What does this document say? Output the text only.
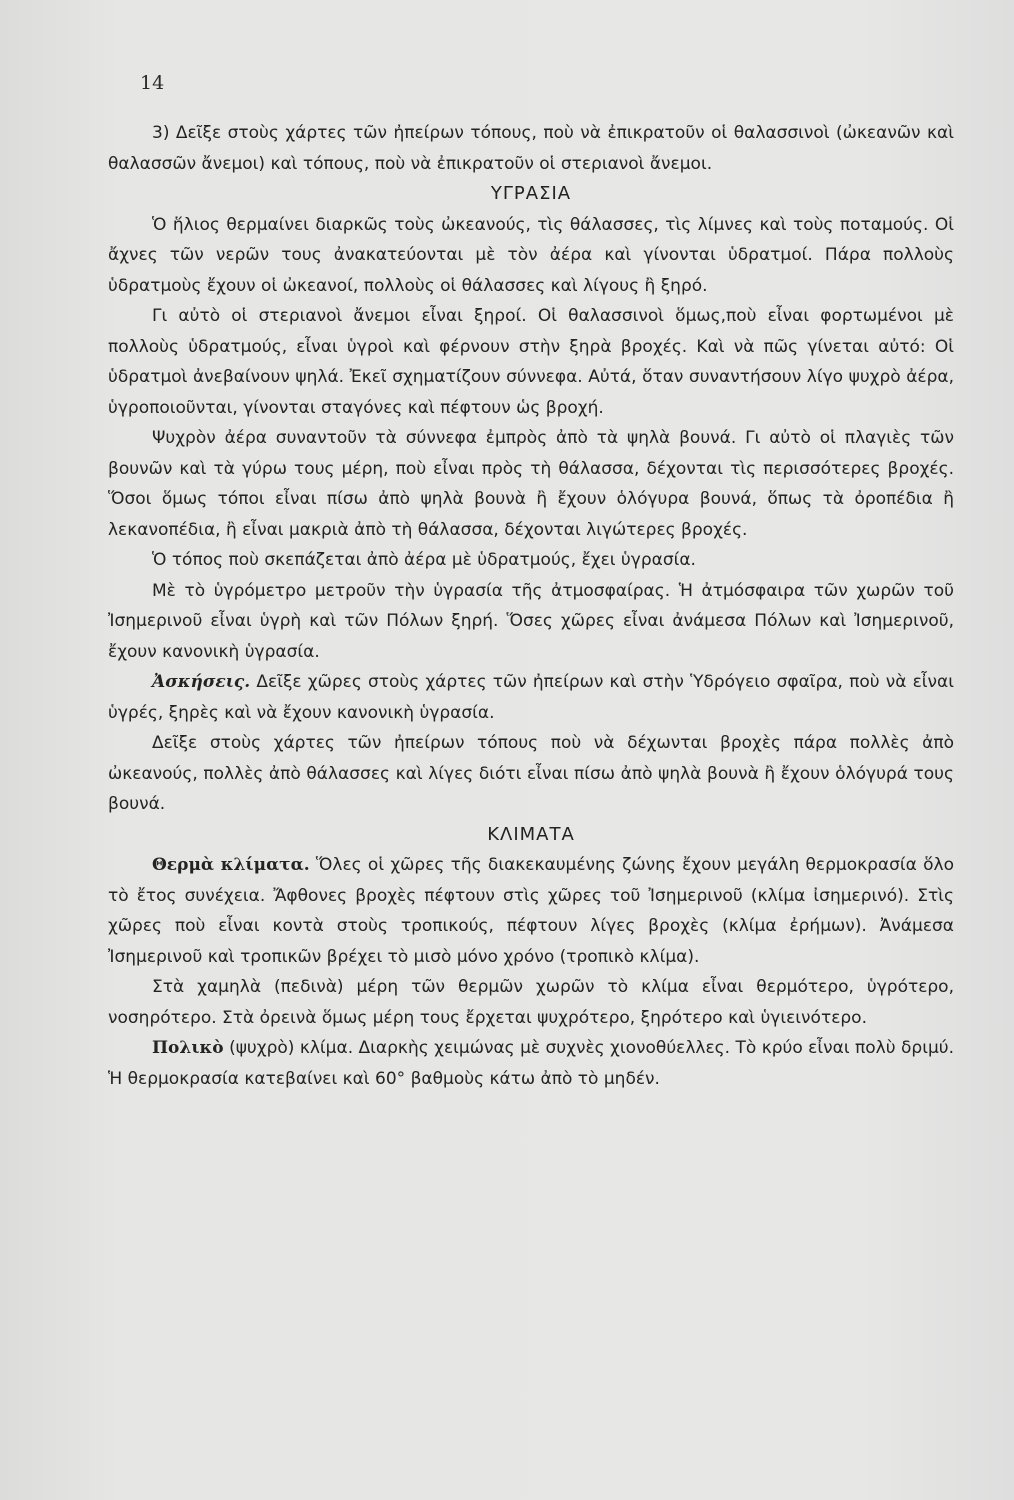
14

3) Δεῖξε στοὺς χάρτες τῶν ἠπείρων τόπους, ποὺ νὰ ἐπικρατοῦν οἱ θαλασσινοὶ (ὠκεανῶν καὶ θαλασσῶν ἄνεμοι) καὶ τόπους, ποὺ νὰ ἐπικρατοῦν οἱ στεριανοὶ ἄνεμοι.

ΥΓΡΑΣΙΑ

Ὁ ἥλιος θερμαίνει διαρκῶς τοὺς ὠκεανούς, τὶς θάλασσες, τὶς λίμνες καὶ τοὺς ποταμούς. Οἱ ἄχνες τῶν νερῶν τους ἀνακατεύονται μὲ τὸν ἀέρα καὶ γίνονται ὑδρατμοί. Πάρα πολλοὺς ὑδρατμοὺς ἔχουν οἱ ὠκεανοί, πολλοὺς οἱ θάλασσες καὶ λίγους ἢ ξηρό.

Γι αὐτὸ οἱ στεριανοὶ ἄνεμοι εἶναι ξηροί. Οἱ θαλασσινοὶ ὅμως,ποὺ εἶναι φορτωμένοι μὲ πολλοὺς ὑδρατμούς, εἶναι ὑγροὶ καὶ φέρνουν στὴν ξηρὰ βροχές. Καὶ νὰ πῶς γίνεται αὐτό: Οἱ ὑδρατμοὶ ἀνεβαίνουν ψηλά. Ἐκεῖ σχηματίζουν σύννεφα. Αὐτά, ὅταν συναντήσουν λίγο ψυχρὸ ἀέρα, ὑγροποιοῦνται, γίνονται σταγόνες καὶ πέφτουν ὡς βροχή.

Ψυχρὸν ἀέρα συναντοῦν τὰ σύννεφα ἐμπρὸς ἀπὸ τὰ ψηλὰ βουνά. Γι αὐτὸ οἱ πλαγιὲς τῶν βουνῶν καὶ τὰ γύρω τους μέρη, ποὺ εἶναι πρὸς τὴ θάλασσα, δέχονται τὶς περισσότερες βροχές. Ὅσοι ὅμως τόποι εἶναι πίσω ἀπὸ ψηλὰ βουνὰ ἢ ἔχουν ὁλόγυρα βουνά, ὅπως τὰ ὀροπέδια ἢ λεκανοπέδια, ἢ εἶναι μακριὰ ἀπὸ τὴ θάλασσα, δέχονται λιγώτερες βροχές.

Ὁ τόπος ποὺ σκεπάζεται ἀπὸ ἀέρα μὲ ὑδρατμούς, ἔχει ὑγρασία.

Μὲ τὸ ὑγρόμετρο μετροῦν τὴν ὑγρασία τῆς ἀτμοσφαίρας. Ἡ ἀτμόσφαιρα τῶν χωρῶν τοῦ Ἰσημερινοῦ εἶναι ὑγρὴ καὶ τῶν Πόλων ξηρή. Ὅσες χῶρες εἶναι ἀνάμεσα Πόλων καὶ Ἰσημερινοῦ, ἔχουν κανονικὴ ὑγρασία.

Ἀσκήσεις. Δεῖξε χῶρες στοὺς χάρτες τῶν ἠπείρων καὶ στὴν Ὑδρόγειο σφαῖρα, ποὺ νὰ εἶναι ὑγρές, ξηρὲς καὶ νὰ ἔχουν κανονικὴ ὑγρασία.

Δεῖξε στοὺς χάρτες τῶν ἠπείρων τόπους ποὺ νὰ δέχωνται βροχὲς πάρα πολλὲς ἀπὸ ὠκεανούς, πολλὲς ἀπὸ θάλασσες καὶ λίγες διότι εἶναι πίσω ἀπὸ ψηλὰ βουνὰ ἢ ἔχουν ὁλόγυρά τους βουνά.

ΚΛΙΜΑΤΑ

Θερμὰ κλίματα. Ὅλες οἱ χῶρες τῆς διακεκαυμένης ζώνης ἔχουν μεγάλη θερμοκρασία ὅλο τὸ ἔτος συνέχεια. Ἄφθονες βροχὲς πέφτουν στὶς χῶρες τοῦ Ἰσημερινοῦ (κλίμα ἰσημερινό). Στὶς χῶρες ποὺ εἶναι κοντὰ στοὺς τροπικούς, πέφτουν λίγες βροχὲς (κλίμα ἐρήμων). Ἀνάμεσα Ἰσημερινοῦ καὶ τροπικῶν βρέχει τὸ μισὸ μόνο χρόνο (τροπικὸ κλίμα).

Στὰ χαμηλὰ (πεδινὰ) μέρη τῶν θερμῶν χωρῶν τὸ κλίμα εἶναι θερμότερο, ὑγρότερο, νοσηρότερο. Στὰ ὀρεινὰ ὅμως μέρη τους ἔρχεται ψυχρότερο, ξηρότερο καὶ ὑγιεινότερο.

Πολικὸ (ψυχρὸ) κλίμα. Διαρκὴς χειμώνας μὲ συχνὲς χιονοθύελλες. Τὸ κρύο εἶναι πολὺ δριμύ. Ἡ θερμοκρασία κατεβαίνει καὶ 60° βαθμοὺς κάτω ἀπὸ τὸ μηδέν.
